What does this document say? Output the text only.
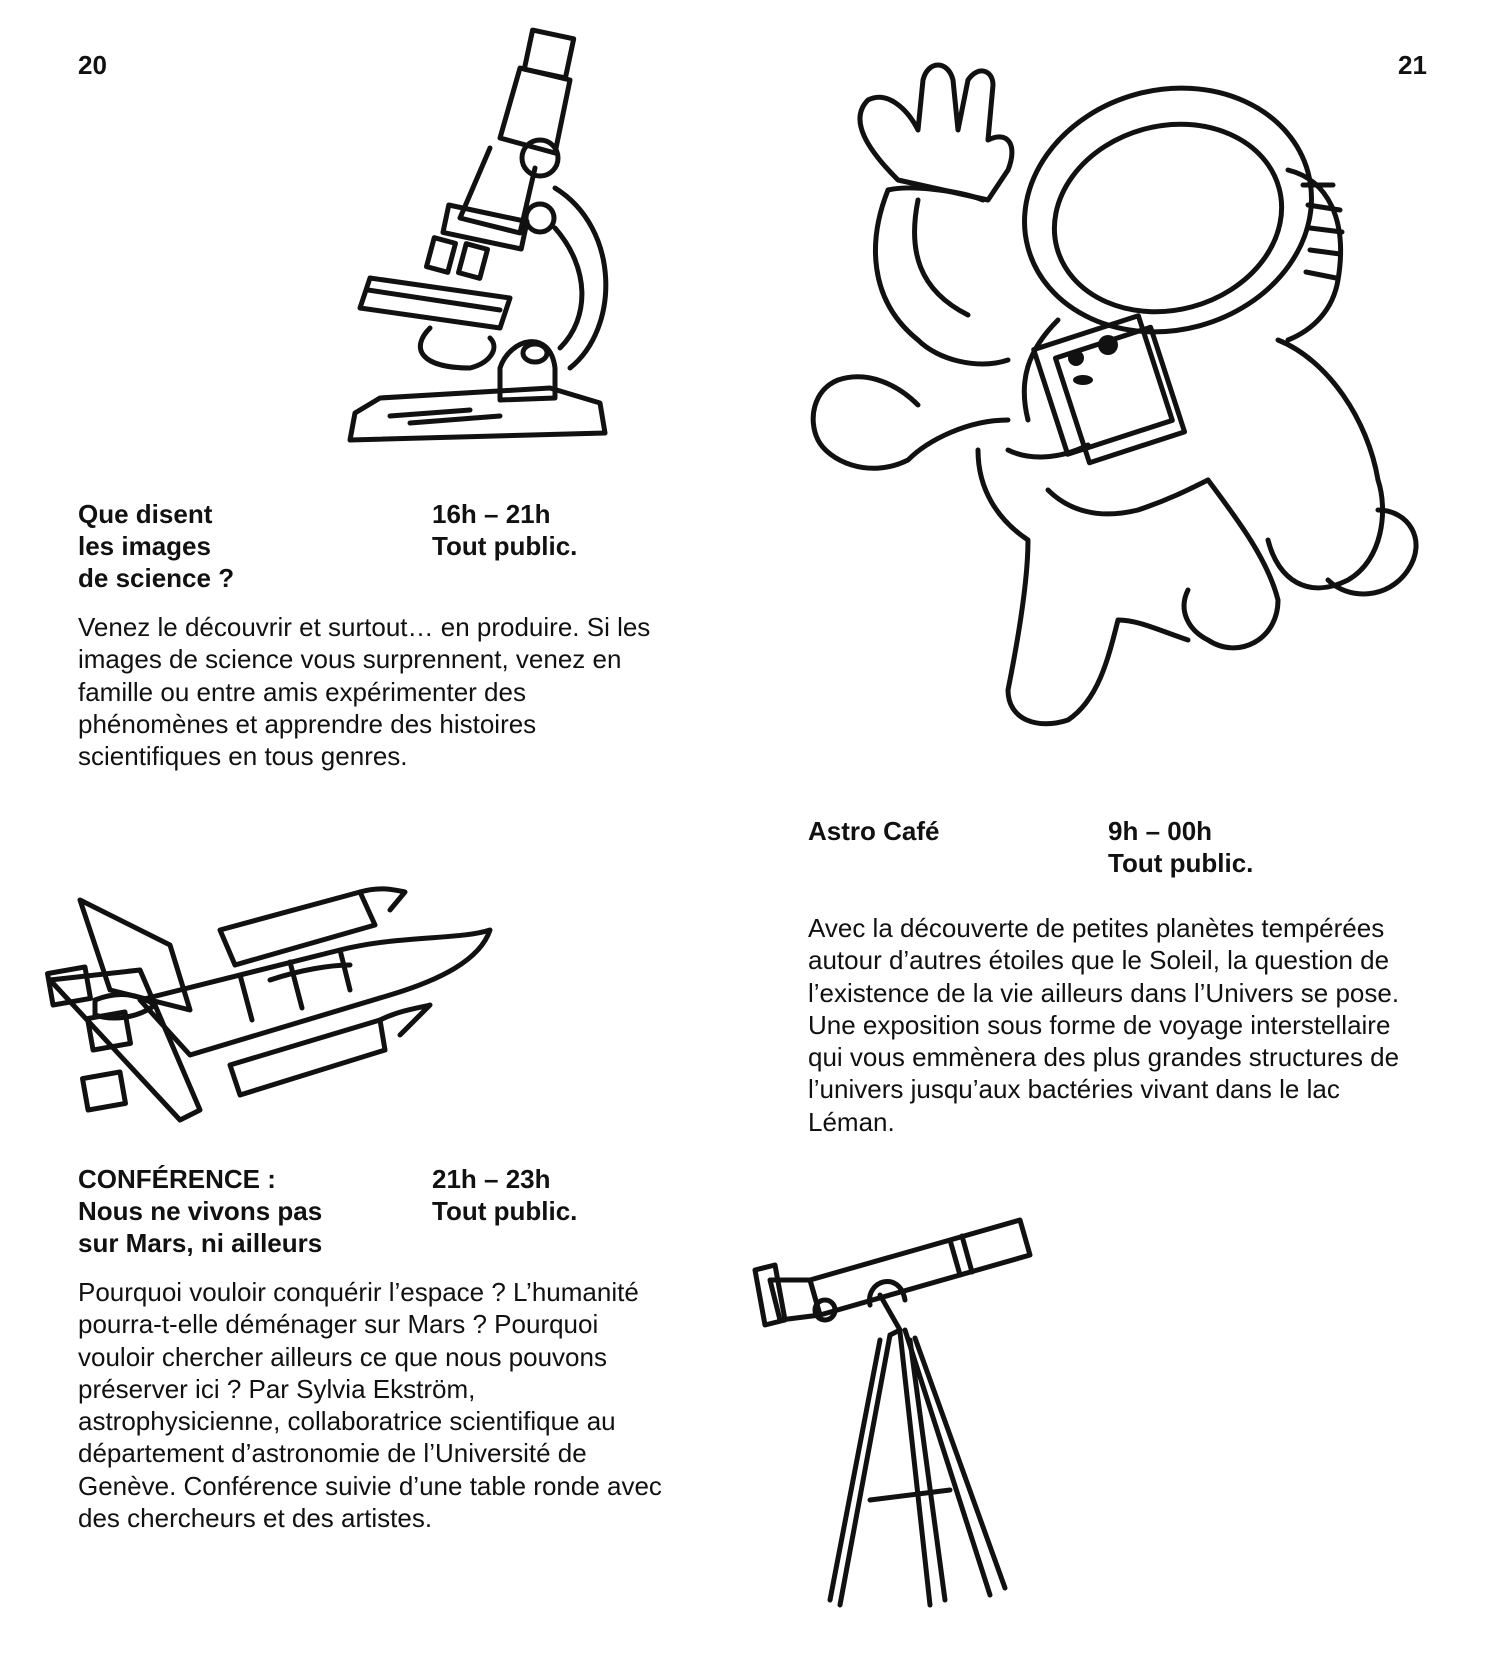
20	21
Que disent
les images
de science ?
16h – 21h
Tout public.
Venez le découvrir et surtout… en produire. Si les images de science vous surprennent, venez en famille ou entre amis expérimenter des phénomènes et apprendre des histoires scientifiques en tous genres.
CONFÉRENCE :
Nous ne vivons pas
sur Mars, ni ailleurs
21h – 23h
Tout public.
Pourquoi vouloir conquérir l’espace ? L’humanité pourra-t-elle déménager sur Mars ? Pourquoi vouloir chercher ailleurs ce que nous pouvons préserver ici ? Par Sylvia Ekström, astrophysicienne, collaboratrice scientifique au département d’astronomie de l’Université de Genève. Conférence suivie d’une table ronde avec des chercheurs et des artistes.
Astro Café	9h – 00h
Tout public.
Avec la découverte de petites planètes tempérées autour d’autres étoiles que le Soleil, la question de l’existence de la vie ailleurs dans l’Univers se pose. Une exposition sous forme de voyage interstellaire qui vous emmènera des plus grandes structures de l’univers jusqu’aux bactéries vivant dans le lac Léman.
